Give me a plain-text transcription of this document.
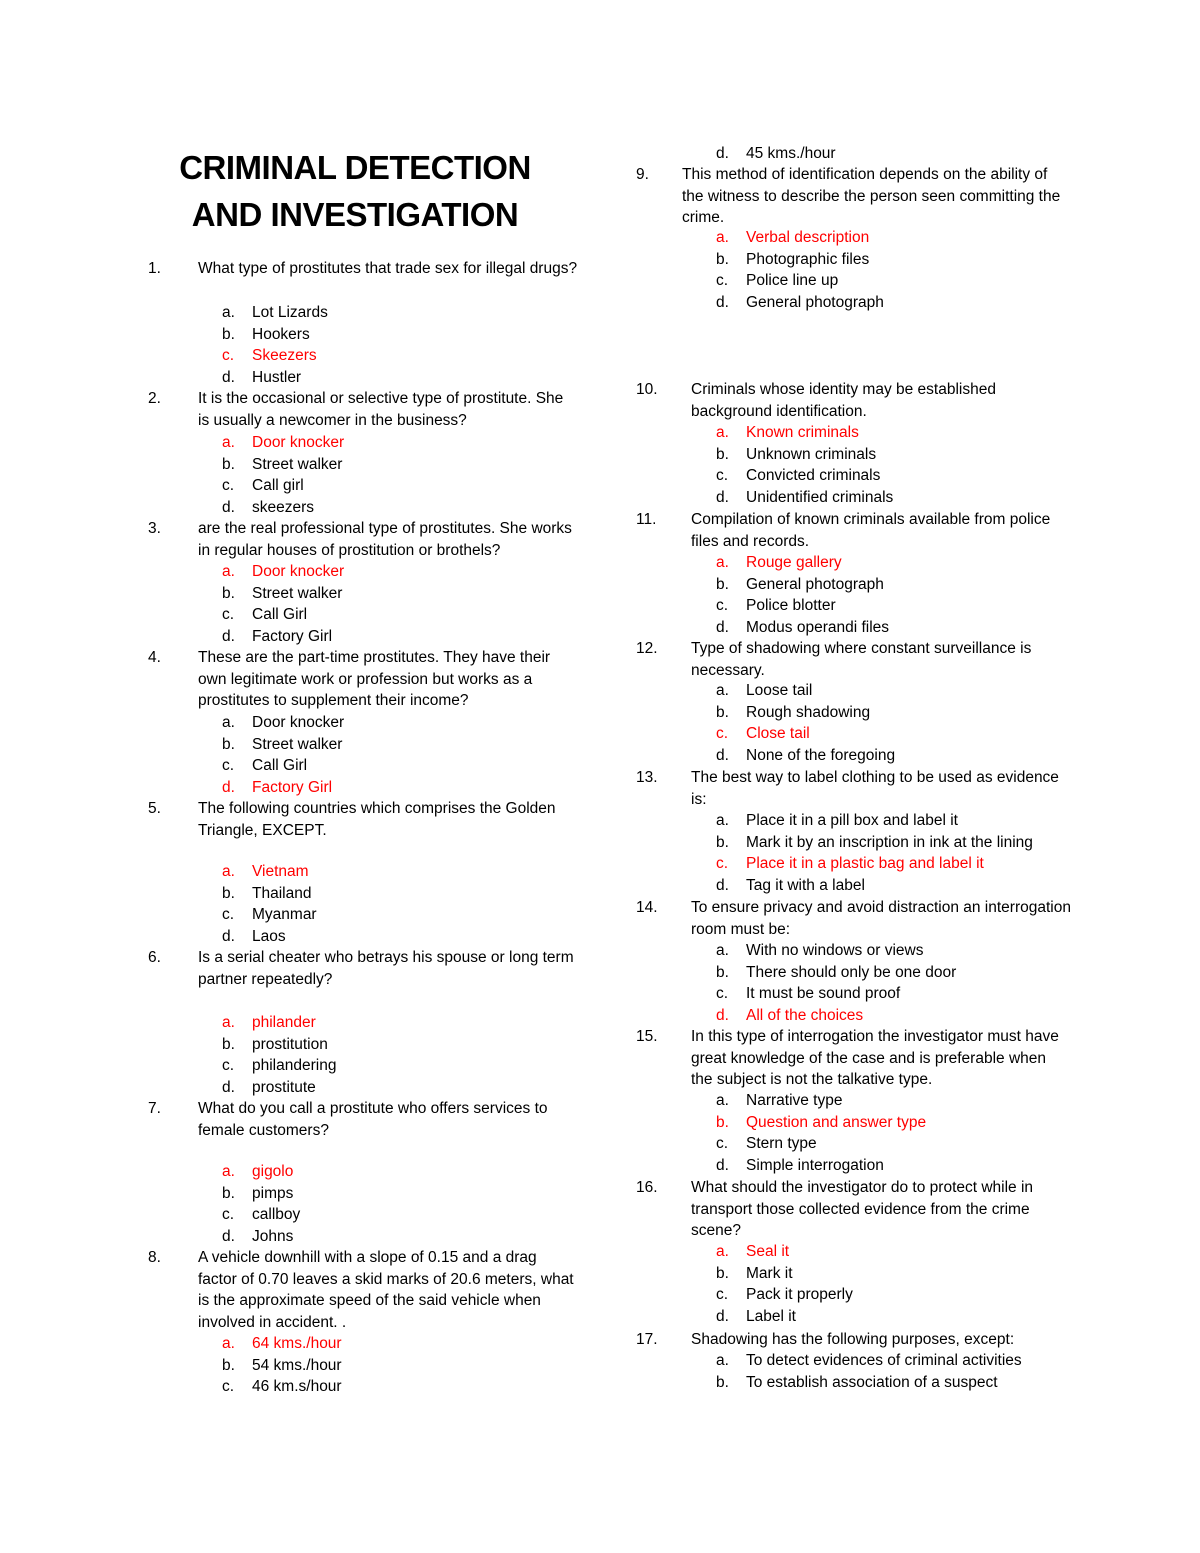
CRIMINAL DETECTION
AND INVESTIGATION
1. What type of prostitutes that trade sex for illegal drugs?
a. Lot Lizards
b. Hookers
c. Skeezers
d. Hustler
2. It is the occasional or selective type of prostitute. She is usually a newcomer in the business?
a. Door knocker
b. Street walker
c. Call girl
d. skeezers
3. are the real professional type of prostitutes. She works in regular houses of prostitution or brothels?
a. Door knocker
b. Street walker
c. Call Girl
d. Factory Girl
4. These are the part-time prostitutes. They have their own legitimate work or profession but works as a prostitutes to supplement their income?
a. Door knocker
b. Street walker
c. Call Girl
d. Factory Girl
5. The following countries which comprises the Golden Triangle, EXCEPT.
a. Vietnam
b. Thailand
c. Myanmar
d. Laos
6. Is a serial cheater who betrays his spouse or long term partner repeatedly?
a. philander
b. prostitution
c. philandering
d. prostitute
7. What do you call a prostitute who offers services to female customers?
a. gigolo
b. pimps
c. callboy
d. Johns
8. A vehicle downhill with a slope of 0.15 and a drag factor of 0.70 leaves a skid marks of 20.6 meters, what is the approximate speed of the said vehicle when involved in accident. .
a. 64 kms./hour
b. 54 kms./hour
c. 46 km.s/hour
9. This method of identification depends on the ability of the witness to describe the person seen committing the crime.
a. Verbal description
b. Photographic files
c. Police line up
d. General photograph
10. Criminals whose identity may be established background identification.
a. Known criminals
b. Unknown criminals
c. Convicted criminals
d. Unidentified criminals
11. Compilation of known criminals available from police files and records.
a. Rouge gallery
b. General photograph
c. Police blotter
d. Modus operandi files
12. Type of shadowing where constant surveillance is necessary.
a. Loose tail
b. Rough shadowing
c. Close tail
d. None of the foregoing
13. The best way to label clothing to be used as evidence is:
a. Place it in a pill box and label it
b. Mark it by an inscription in ink at the lining
c. Place it in a plastic bag and label it
d. Tag it with a label
14. To ensure privacy and avoid distraction an interrogation room must be:
a. With no windows or views
b. There should only be one door
c. It must be sound proof
d. All of the choices
15. In this type of interrogation the investigator must have great knowledge of the case and is preferable when the subject is not the talkative type.
a. Narrative type
b. Question and answer type
c. Stern type
d. Simple interrogation
16. What should the investigator do to protect while in transport those collected evidence from the crime scene?
a. Seal it
b. Mark it
c. Pack it properly
d. Label it
17. Shadowing has the following purposes, except:
a. To detect evidences of criminal activities
b. To establish association of a suspect
d. 45 kms./hour
